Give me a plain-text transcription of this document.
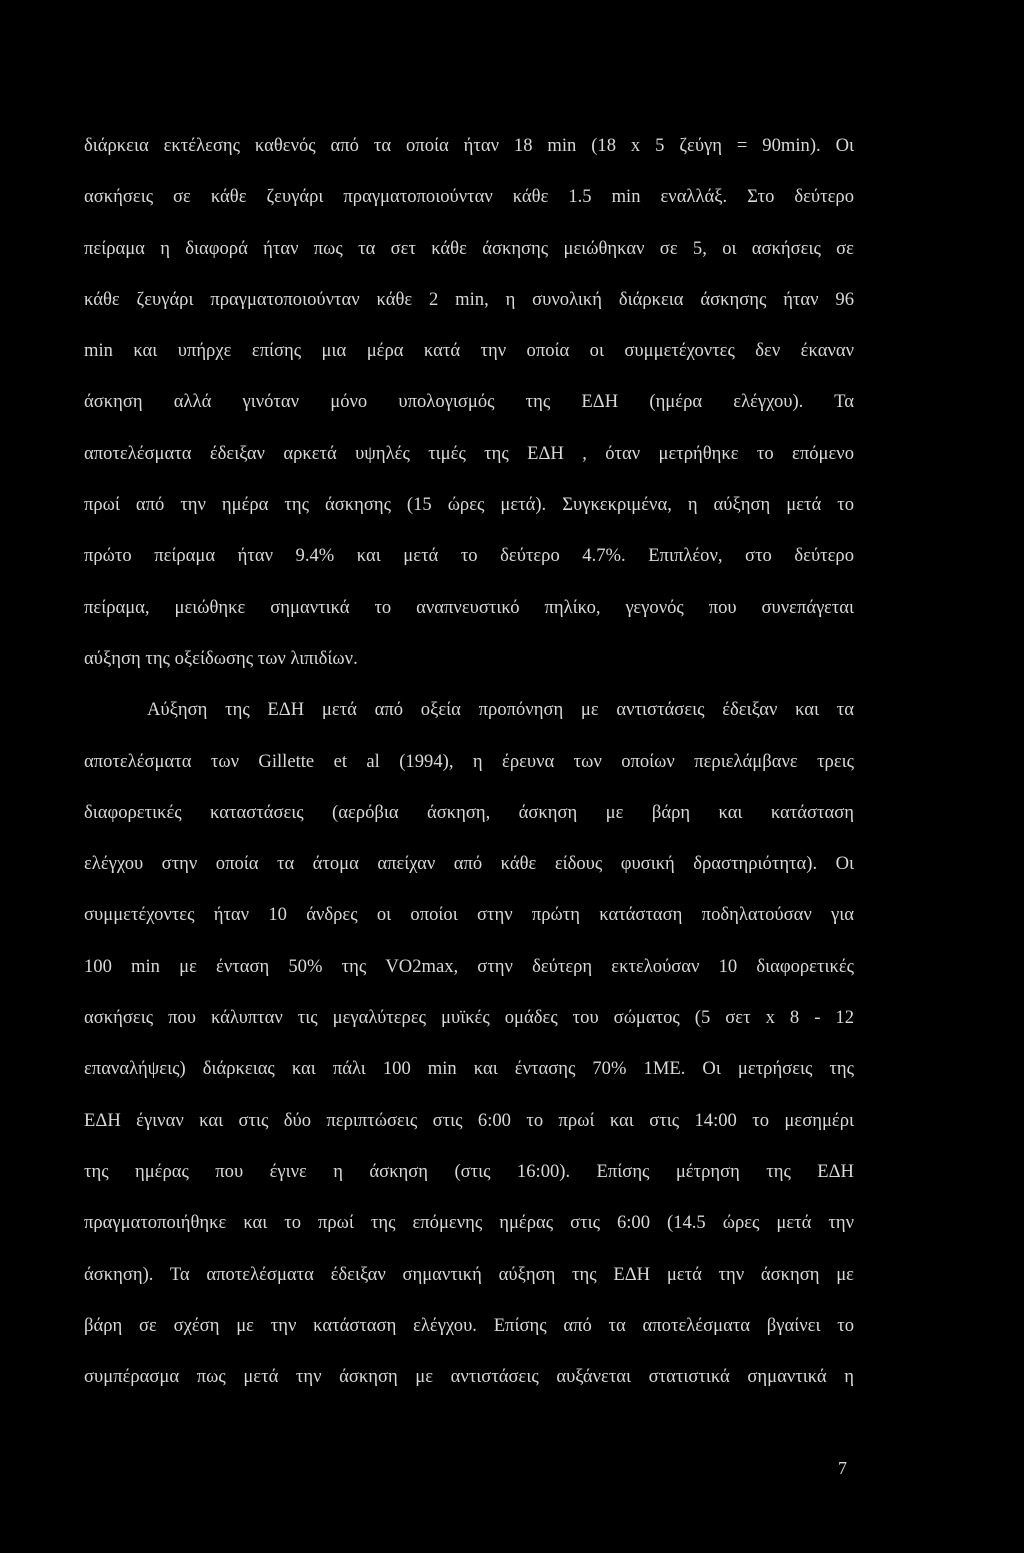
διάρκεια εκτέλεσης καθενός από τα οποία ήταν 18 min (18 x 5 ζεύγη = 90min). Οι
ασκήσεις σε κάθε ζευγάρι πραγματοποιούνταν κάθε 1.5 min εναλλάξ. Στο δεύτερο
πείραμα η διαφορά ήταν πως τα σετ κάθε άσκησης μειώθηκαν σε 5, οι ασκήσεις σε
κάθε ζευγάρι πραγματοποιούνταν κάθε 2 min, η συνολική διάρκεια άσκησης ήταν 96
min και υπήρχε επίσης μια μέρα κατά την οποία οι συμμετέχοντες δεν έκαναν
άσκηση αλλά γινόταν μόνο υπολογισμός της ΕΔΗ (ημέρα ελέγχου). Τα
αποτελέσματα έδειξαν αρκετά υψηλές τιμές της ΕΔΗ , όταν μετρήθηκε το επόμενο
πρωί από την ημέρα της άσκησης (15 ώρες μετά). Συγκεκριμένα, η αύξηση μετά το
πρώτο πείραμα ήταν 9.4% και μετά το δεύτερο 4.7%. Επιπλέον, στο δεύτερο
πείραμα, μειώθηκε σημαντικά το αναπνευστικό πηλίκο, γεγονός που συνεπάγεται
αύξηση της οξείδωσης των λιπιδίων.
Αύξηση της ΕΔΗ μετά από οξεία προπόνηση με αντιστάσεις έδειξαν και τα
αποτελέσματα των Gillette et al (1994), η έρευνα των οποίων περιελάμβανε τρεις
διαφορετικές καταστάσεις (αερόβια άσκηση, άσκηση με βάρη και κατάσταση
ελέγχου στην οποία τα άτομα απείχαν από κάθε είδους φυσική δραστηριότητα). Οι
συμμετέχοντες ήταν 10 άνδρες οι οποίοι στην πρώτη κατάσταση ποδηλατούσαν για
100 min με ένταση 50% της VO2max, στην δεύτερη εκτελούσαν 10 διαφορετικές
ασκήσεις που κάλυπταν τις μεγαλύτερες μυϊκές ομάδες του σώματος (5 σετ x 8 - 12
επαναλήψεις) διάρκειας και πάλι 100 min και έντασης 70% 1ΜΕ. Οι μετρήσεις της
ΕΔΗ έγιναν και στις δύο περιπτώσεις στις 6:00 το πρωί και στις 14:00 το μεσημέρι
της ημέρας που έγινε η άσκηση (στις 16:00). Επίσης μέτρηση της ΕΔΗ
πραγματοποιήθηκε και το πρωί της επόμενης ημέρας στις 6:00 (14.5 ώρες μετά την
άσκηση). Τα αποτελέσματα έδειξαν σημαντική αύξηση της ΕΔΗ μετά την άσκηση με
βάρη σε σχέση με την κατάσταση ελέγχου. Επίσης από τα αποτελέσματα βγαίνει το
συμπέρασμα πως μετά την άσκηση με αντιστάσεις αυξάνεται στατιστικά σημαντικά η
7
